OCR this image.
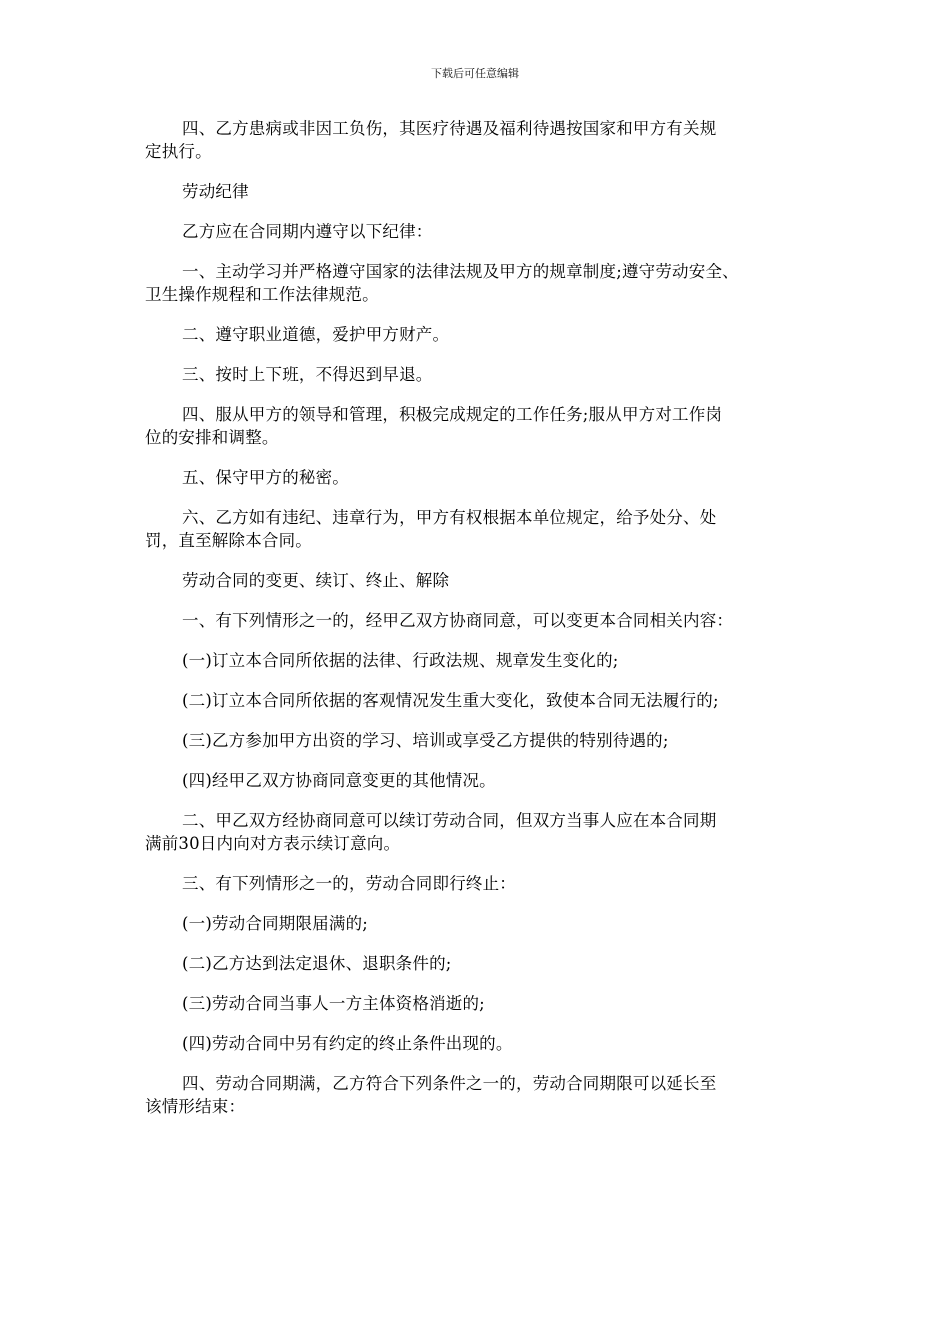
下载后可任意编辑

四、乙方患病或非因工负伤，其医疗待遇及福利待遇按国家和甲方有关规
定执行。

劳动纪律

乙方应在合同期内遵守以下纪律：

一、主动学习并严格遵守国家的法律法规及甲方的规章制度;遵守劳动安全、
卫生操作规程和工作法律规范。

二、遵守职业道德，爱护甲方财产。

三、按时上下班，不得迟到早退。

四、服从甲方的领导和管理，积极完成规定的工作任务;服从甲方对工作岗
位的安排和调整。

五、保守甲方的秘密。

六、乙方如有违纪、违章行为，甲方有权根据本单位规定，给予处分、处
罚，直至解除本合同。

劳动合同的变更、续订、终止、解除

一、有下列情形之一的，经甲乙双方协商同意，可以变更本合同相关内容：

(一)订立本合同所依据的法律、行政法规、规章发生变化的;

(二)订立本合同所依据的客观情况发生重大变化，致使本合同无法履行的;

(三)乙方参加甲方出资的学习、培训或享受乙方提供的特别待遇的;

(四)经甲乙双方协商同意变更的其他情况。

二、甲乙双方经协商同意可以续订劳动合同，但双方当事人应在本合同期
满前30日内向对方表示续订意向。

三、有下列情形之一的，劳动合同即行终止：

(一)劳动合同期限届满的;

(二)乙方达到法定退休、退职条件的;

(三)劳动合同当事人一方主体资格消逝的;

(四)劳动合同中另有约定的终止条件出现的。

四、劳动合同期满，乙方符合下列条件之一的，劳动合同期限可以延长至
该情形结束：
